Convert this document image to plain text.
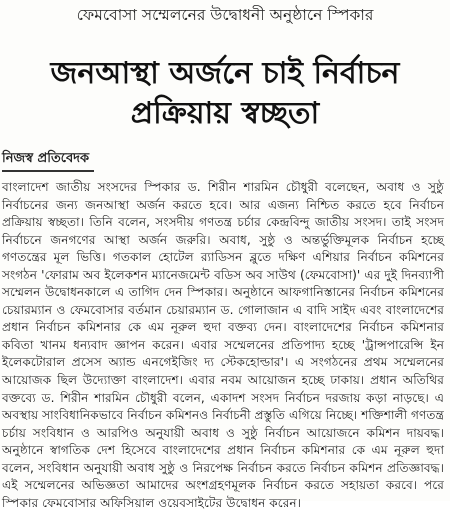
ফেমবোসা সম্মেলনের উদ্বোধনী অনুষ্ঠানে স্পিকার
জনআস্থা অর্জনে চাই নির্বাচন
প্রক্রিয়ায় স্বচ্ছতা
নিজস্ব প্রতিবেদক
বাংলাদেশ জাতীয় সংসদের স্পিকার ড. শিরীন শারমিন চৌধুরী বলেছেন, অবাধ ও সুষ্ঠু নির্বাচনের জন্য জনআস্থা অর্জন করতে হবে। আর এজন্য নিশ্চিত করতে হবে নির্বাচন প্রক্রিয়ায় স্বচ্ছতা। তিনি বলেন, সংসদীয় গণতন্ত্র চর্চার কেন্দ্রবিন্দু জাতীয় সংসদ। তাই সংসদ নির্বাচনে জনগণের আস্থা অর্জন জরুরি। অবাধ, সুষ্ঠু ও অন্তর্ভুক্তিমূলক নির্বাচন হচ্ছে গণতন্ত্রের মূল ভিত্তি। গতকাল হোটেল র‍্যাডিসন ব্লুতে দক্ষিণ এশিয়ার নির্বাচন কমিশনের সংগঠন 'ফোরাম অব ইলেকশন ম্যানেজমেন্ট বডিস অব সাউথ (ফেমবোসা)' এর দুই দিনব্যাপী সম্মেলন উদ্বোধনকালে এ তাগিদ দেন স্পিকার। অনুষ্ঠানে আফগানিস্তানের নির্বাচন কমিশনের চেয়ারম্যান ও ফেমবোসার বর্তমান চেয়ারম্যান ড. গোলাজান এ বাদি সাইদ এবং বাংলাদেশের প্রধান নির্বাচন কমিশনার কে এম নূরুল হুদা বক্তব্য দেন। বাংলাদেশের নির্বাচন কমিশনার কবিতা খানম ধন্যবাদ জ্ঞাপন করেন। এবার সম্মেলনের প্রতিপাদ্য হচ্ছে 'ট্রান্সপারেন্সি ইন ইলেকটোরাল প্রসেস অ্যান্ড এনগেইজিং দ্য স্টেকহোল্ডার'। এ সংগঠনের প্রথম সম্মেলনের আয়োজক ছিল উদ্যোক্তা বাংলাদেশ। এবার নবম আয়োজন হচ্ছে ঢাকায়। প্রধান অতিথির বক্তব্যে ড. শিরীন শারমিন চৌধুরী বলেন, একাদশ সংসদ নির্বাচন দরজায় কড়া নাড়ছে। এ অবস্থায় সাংবিধানিকভাবে নির্বাচন কমিশনও নির্বাচনী প্রস্তুতি এগিয়ে নিচ্ছে। শক্তিশালী গণতন্ত্র চর্চায় সংবিধান ও আরপিও অনুযায়ী অবাধ ও সুষ্ঠু নির্বাচন আয়োজনে কমিশন দায়বদ্ধ। অনুষ্ঠানে স্বাগতিক দেশ হিসেবে বাংলাদেশের প্রধান নির্বাচন কমিশনার কে এম নূরুল হুদা বলেন, সংবিধান অনুযায়ী অবাধ সুষ্ঠু ও নিরপেক্ষ নির্বাচন করতে নির্বাচন কমিশন প্রতিজ্ঞাবদ্ধ। এই সম্মেলনের অভিজ্ঞতা আমাদের অংশগ্রহণমূলক নির্বাচন করতে সহায়তা করবে। পরে স্পিকার ফেমবোসার অফিসিয়াল ওয়েবসাইটের উদ্বোধন করেন।
